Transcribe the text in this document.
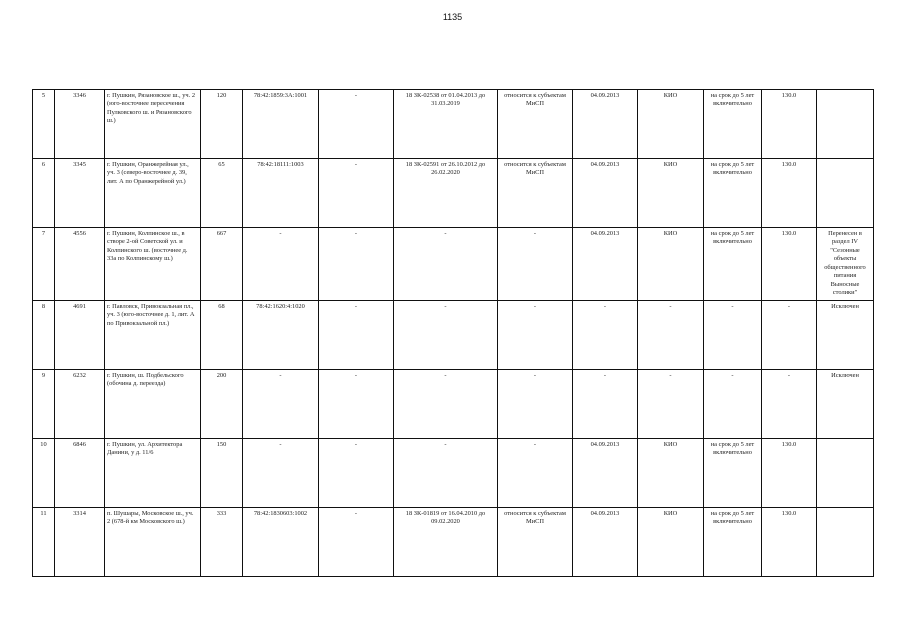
1135
5	3346	г. Пушкин, Рязановское ш., уч. 2 (юго-восточнее пересечения Пулковского ш. и Рязановского ш.)	120	78:42:1859:3А:1001	-	18 ЗК-02538 от 01.04.2013 до 31.03.2019	относится к субъектам МиСП	04.09.2013	КИО	на срок до 5 лет включительно	130.0	
6	3345	г. Пушкин, Оранжерейная ул., уч. 3 (северо-восточнее д. 39, лит. А по Оранжерейной ул.)	65	78:42:18111:1003	-	18 ЗК-02591 от 26.10.2012 до 26.02.2020	относится к субъектам МиСП	04.09.2013	КИО	на срок до 5 лет включительно	130.0	
7	4556	г. Пушкин, Колпинское ш., в створе 2-ой Советской ул. и Колпинского ш. (восточнее д. 33а по Колпинскому ш.)	667	-	-	-	-	04.09.2013	КИО	на срок до 5 лет включительно	130.0	Перенесен в раздел IV "Сезонные объекты общественного питания Выносные столики"
8	4691	г. Павловск, Привокзальная пл., уч. 3 (юго-восточнее д. 1, лит. А по Привокзальной пл.)	68	78:42:1620:4:1020	-	-	-	-	-	-	-	Исключен
9	6232	г. Пушкин, ш. Подбельского (обочина д. переезда)	200	-	-	-	-	-	-	-	-	Исключен
10	6846	г. Пушкин, ул. Архитектора Данини, у д. 11/6	150	-	-	-	-	04.09.2013	КИО	на срок до 5 лет включительно	130.0	
11	3314	п. Шушары, Московское ш., уч. 2 (678-й км Московского ш.)	333	78:42:1830603:1002	-	18 ЗК-01819 от 16.04.2010 до 09.02.2020	относится к субъектам МиСП	04.09.2013	КИО	на срок до 5 лет включительно	130.0	
